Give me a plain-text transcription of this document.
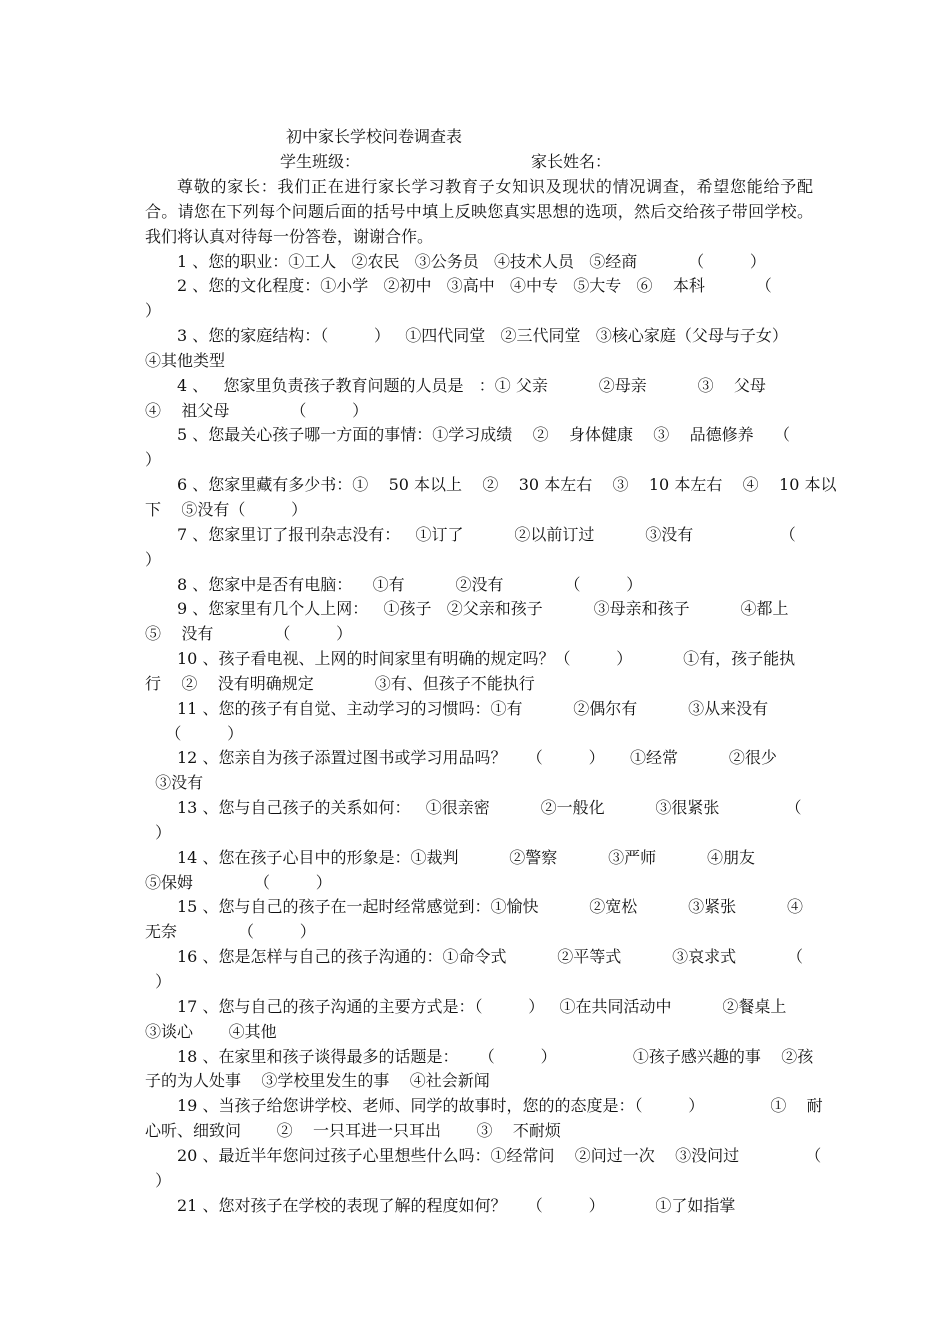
初中家长学校问卷调查表
学生班级：	家长姓名：
尊敬的家长：我们正在进行家长学习教育子女知识及现状的情况调查，希望您能给予配合。请您在下列每个问题后面的括号中填上反映您真实思想的选项，然后交给孩子带回学校。我们将认真对待每一份答卷，谢谢合作。
1 、您的职业：①工人   ②农民   ③公务员   ④技术人员   ⑤经商          （         ）
2 、您的文化程度：①小学   ②初中   ③高中   ④中专   ⑤大专   ⑥    本科          （
）
3 、您的家庭结构：（         ）   ①四代同堂   ②三代同堂   ③核心家庭（父母与子女）
④其他类型
4 、   您家里负责孩子教育问题的人员是   ：① 父亲          ②母亲          ③    父母
④    祖父母            （         ）
5 、您最关心孩子哪一方面的事情：①学习成绩    ②    身体健康    ③    品德修养    （
）
6 、您家里藏有多少书：①    50 本以上    ②    30 本左右    ③    10 本左右    ④    10 本以
下    ⑤没有（         ）
7 、您家里订了报刊杂志没有：   ①订了          ②以前订过          ③没有                 （
）
8 、您家中是否有电脑：    ①有          ②没有            （         ）
9 、您家里有几个人上网：   ①孩子   ②父亲和孩子          ③母亲和孩子          ④都上
⑤    没有            （         ）
10 、孩子看电视、上网的时间家里有明确的规定吗？（         ）          ①有，孩子能执
行    ②    没有明确规定            ③有、但孩子不能执行
11 、您的孩子有自觉、主动学习的习惯吗：①有          ②偶尔有          ③从来没有
（         ）
12 、您亲自为孩子添置过图书或学习用品吗？    （         ）     ①经常          ②很少
③没有
13 、您与自己孩子的关系如何：   ①很亲密          ②一般化          ③很紧张             （
）
14 、您在孩子心目中的形象是：①裁判          ②警察          ③严师          ④朋友
⑤保姆            （         ）
15 、您与自己的孩子在一起时经常感觉到：①愉快          ②宽松          ③紧张          ④
无奈            （         ）
16 、您是怎样与自己的孩子沟通的：①命令式          ②平等式          ③哀求式          （
）
17 、您与自己的孩子沟通的主要方式是：（         ）   ①在共同活动中          ②餐桌上
③谈心       ④其他
18 、在家里和孩子谈得最多的话题是：    （         ）               ①孩子感兴趣的事    ②孩
子的为人处事    ③学校里发生的事    ④社会新闻
19 、当孩子给您讲学校、老师、同学的故事时，您的的态度是：（         ）             ①    耐
心听、细致问       ②    一只耳进一只耳出       ③    不耐烦
20 、最近半年您问过孩子心里想些什么吗：①经常问    ②问过一次    ③没问过             （
）
21 、您对孩子在学校的表现了解的程度如何？    （         ）          ①了如指掌
